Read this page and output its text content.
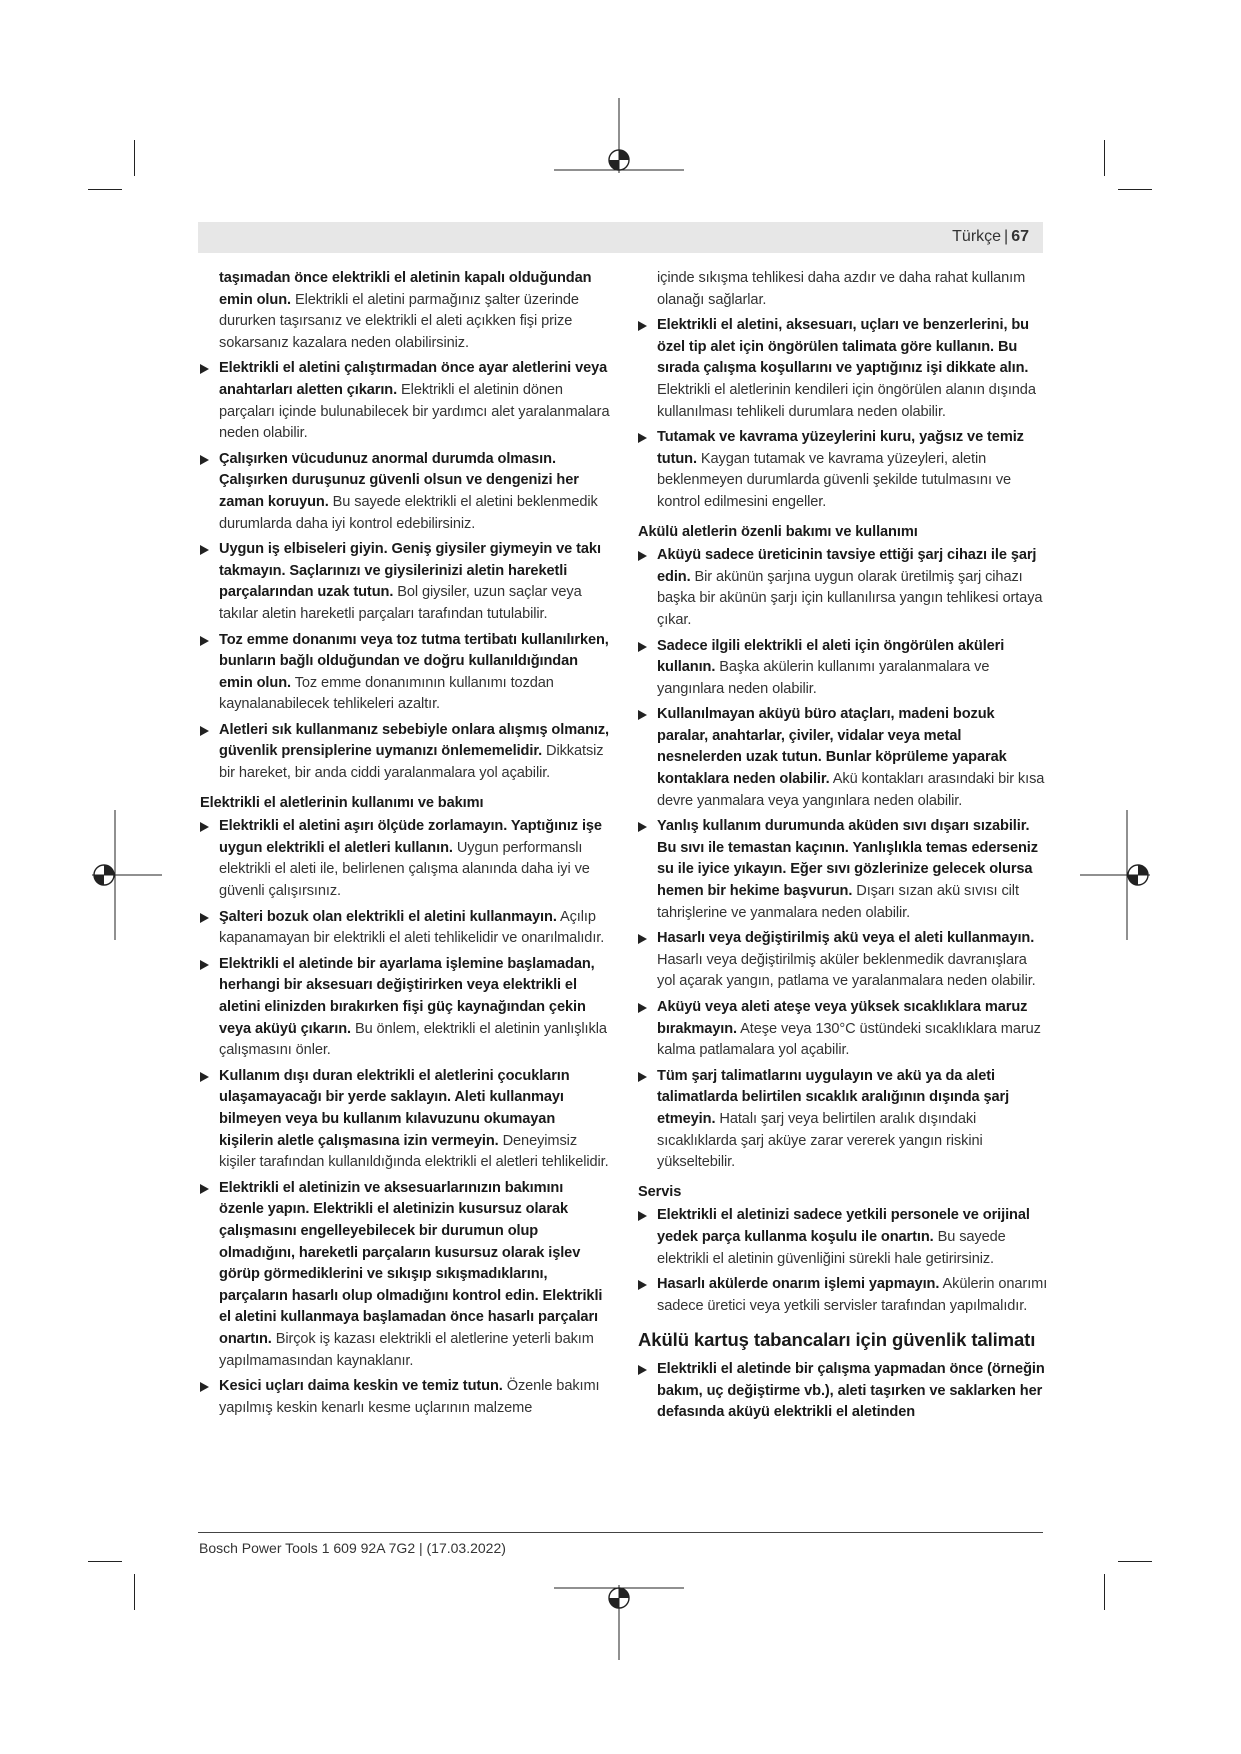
Türkçe | 67
taşımadan önce elektrikli el aletinin kapalı olduğundan emin olun. Elektrikli el aletini parmağınız şalter üzerinde dururken taşırsanız ve elektrikli el aleti açıkken fişi prize sokarsanız kazalara neden olabilirsiniz.
Elektrikli el aletini çalıştırmadan önce ayar aletlerini veya anahtarları aletten çıkarın. Elektrikli el aletinin dönen parçaları içinde bulunabilecek bir yardımcı alet yaralanmalara neden olabilir.
Çalışırken vücudunuz anormal durumda olmasın. Çalışırken duruşunuz güvenli olsun ve dengenizi her zaman koruyun. Bu sayede elektrikli el aletini beklenmedik durumlarda daha iyi kontrol edebilirsiniz.
Uygun iş elbiseleri giyin. Geniş giysiler giymeyin ve takı takmayın. Saçlarınızı ve giysilerinizi aletin hareketli parçalarından uzak tutun. Bol giysiler, uzun saçlar veya takılar aletin hareketli parçaları tarafından tutulabilir.
Toz emme donanımı veya toz tutma tertibatı kullanılırken, bunların bağlı olduğundan ve doğru kullanıldığından emin olun. Toz emme donanımının kullanımı tozdan kaynalanabilecek tehlikeleri azaltır.
Aletleri sık kullanmanız sebebiyle onlara alışmış olmanız, güvenlik prensiplerine uymanızı önlememelidir. Dikkatsiz bir hareket, bir anda ciddi yaralanmalara yol açabilir.
Elektrikli el aletlerinin kullanımı ve bakımı
Elektrikli el aletini aşırı ölçüde zorlamayın. Yaptığınız işe uygun elektrikli el aletleri kullanın. Uygun performanslı elektrikli el aleti ile, belirlenen çalışma alanında daha iyi ve güvenli çalışırsınız.
Şalteri bozuk olan elektrikli el aletini kullanmayın. Açılıp kapanamayan bir elektrikli el aleti tehlikelidir ve onarılmalıdır.
Elektrikli el aletinde bir ayarlama işlemine başlamadan, herhangi bir aksesuarı değiştirirken veya elektrikli el aletini elinizden bırakırken fişi güç kaynağından çekin veya aküyü çıkarın. Bu önlem, elektrikli el aletinin yanlışlıkla çalışmasını önler.
Kullanım dışı duran elektrikli el aletlerini çocukların ulaşamayacağı bir yerde saklayın. Aleti kullanmayı bilmeyen veya bu kullanım kılavuzunu okumayan kişilerin aletle çalışmasına izin vermeyin. Deneyimsiz kişiler tarafından kullanıldığında elektrikli el aletleri tehlikelidir.
Elektrikli el aletinizin ve aksesuarlarınızın bakımını özenle yapın. Elektrikli el aletinizin kusursuz olarak çalışmasını engelleyebilecek bir durumun olup olmadığını, hareketli parçaların kusursuz olarak işlev görüp görmediklerini ve sıkışıp sıkışmadıklarını, parçaların hasarlı olup olmadığını kontrol edin. Elektrikli el aletini kullanmaya başlamadan önce hasarlı parçaları onartın. Birçok iş kazası elektrikli el aletlerine yeterli bakım yapılmamasından kaynaklanır.
Kesici uçları daima keskin ve temiz tutun. Özenle bakımı yapılmış keskin kenarlı kesme uçlarının malzeme
içinde sıkışma tehlikesi daha azdır ve daha rahat kullanım olanağı sağlarlar.
Elektrikli el aletini, aksesuarı, uçları ve benzerlerini, bu özel tip alet için öngörülen talimata göre kullanın. Bu sırada çalışma koşullarını ve yaptığınız işi dikkate alın. Elektrikli el aletlerinin kendileri için öngörülen alanın dışında kullanılması tehlikeli durumlara neden olabilir.
Tutamak ve kavrama yüzeylerini kuru, yağsız ve temiz tutun. Kaygan tutamak ve kavrama yüzeyleri, aletin beklenmeyen durumlarda güvenli şekilde tutulmasını ve kontrol edilmesini engeller.
Akülü aletlerin özenli bakımı ve kullanımı
Aküyü sadece üreticinin tavsiye ettiği şarj cihazı ile şarj edin. Bir akünün şarjına uygun olarak üretilmiş şarj cihazı başka bir akünün şarjı için kullanılırsa yangın tehlikesi ortaya çıkar.
Sadece ilgili elektrikli el aleti için öngörülen aküleri kullanın. Başka akülerin kullanımı yaralanmalara ve yangınlara neden olabilir.
Kullanılmayan aküyü büro ataçları, madeni bozuk paralar, anahtarlar, çiviler, vidalar veya metal nesnelerden uzak tutun. Bunlar köprüleme yaparak kontaklara neden olabilir. Akü kontakları arasındaki bir kısa devre yanmalara veya yangınlara neden olabilir.
Yanlış kullanım durumunda aküden sıvı dışarı sızabilir. Bu sıvı ile temastan kaçının. Yanlışlıkla temas ederseniz su ile iyice yıkayın. Eğer sıvı gözlerinize gelecek olursa hemen bir hekime başvurun. Dışarı sızan akü sıvısı cilt tahrişlerine ve yanmalara neden olabilir.
Hasarlı veya değiştirilmiş akü veya el aleti kullanmayın. Hasarlı veya değiştirilmiş aküler beklenmedik davranışlara yol açarak yangın, patlama ve yaralanmalara neden olabilir.
Aküyü veya aleti ateşe veya yüksek sıcaklıklara maruz bırakmayın. Ateşe veya 130°C üstündeki sıcaklıklara maruz kalma patlamalara yol açabilir.
Tüm şarj talimatlarını uygulayın ve akü ya da aleti talimatlarda belirtilen sıcaklık aralığının dışında şarj etmeyin. Hatalı şarj veya belirtilen aralık dışındaki sıcaklıklarda şarj aküye zarar vererek yangın riskini yükseltebilir.
Servis
Elektrikli el aletinizi sadece yetkili personele ve orijinal yedek parça kullanma koşulu ile onartın. Bu sayede elektrikli el aletinin güvenliğini sürekli hale getirirsiniz.
Hasarlı akülerde onarım işlemi yapmayın. Akülerin onarımı sadece üretici veya yetkili servisler tarafından yapılmalıdır.
Akülü kartuş tabancaları için güvenlik talimatı
Elektrikli el aletinde bir çalışma yapmadan önce (örneğin bakım, uç değiştirme vb.), aleti taşırken ve saklarken her defasında aküyü elektrikli el aletinden
Bosch Power Tools 1 609 92A 7G2 | (17.03.2022)
